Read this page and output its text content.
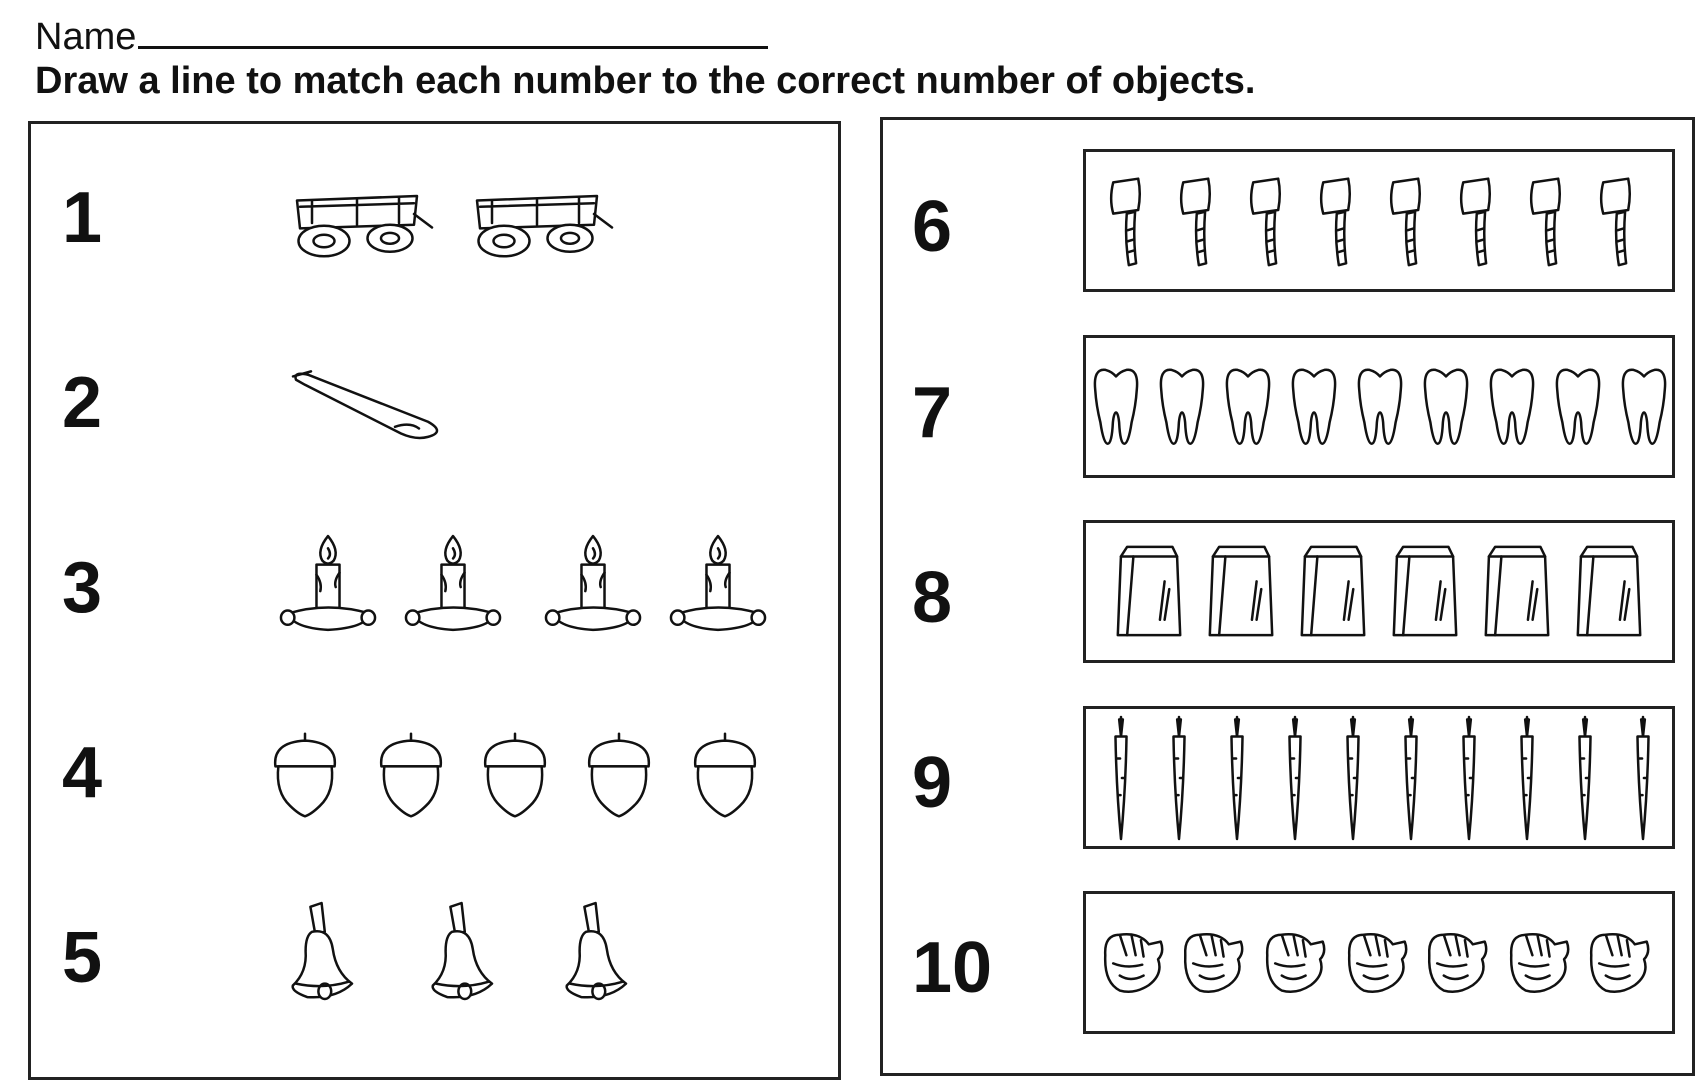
Name
Draw a line to match each number to the correct number of objects.
1
2
3
4
5
6
7
8
9
10
